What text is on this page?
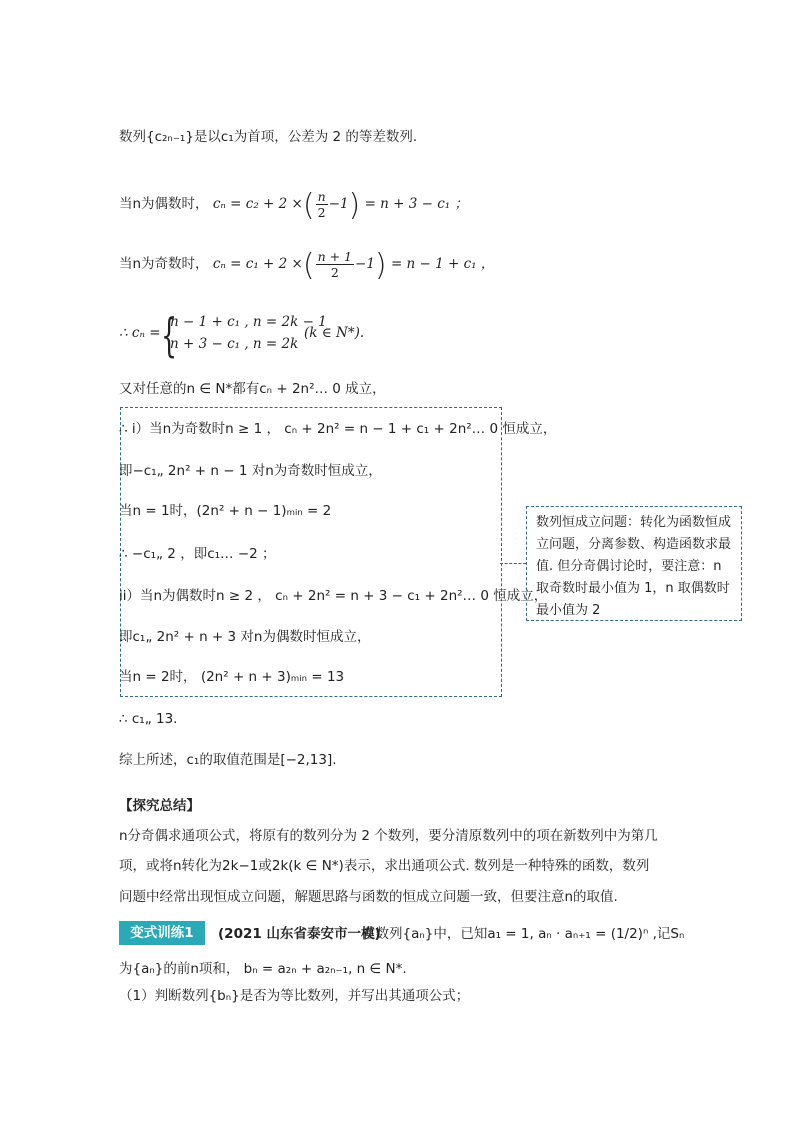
数列{c₂ₙ₋₁}是以c₁为首项，公差为 2 的等差数列.
当n为偶数时， cₙ = c₂ + 2 ×( $\frac{n}{2} -1) = n + 3 - c_1$ ；
当n为奇数时， cₙ = c₁ + 2 ×( $\frac{n + 1}{2} -1) = n - 1 + c_1$ ，
∴ cₙ = {
n − 1 + c₁ , n = 2k − 1
n + 3 − c₁ , n = 2k
(k ∈ N*).
又对任意的n ∈ N*都有cₙ + 2n²… 0 成立，
∴ i）当n为奇数时n ≥ 1 ， cₙ + 2n² = n − 1 + c₁ + 2n²… 0 恒成立，
即−c₁„ 2n² + n − 1 对n为奇数时恒成立，
当n = 1时，(2n² + n − 1)ₘᵢₙ = 2
∴ −c₁„ 2 ，即c₁… −2 ；
ii）当n为偶数时n ≥ 2 ， cₙ + 2n² = n + 3 − c₁ + 2n²… 0 恒成立，
即c₁„ 2n² + n + 3 对n为偶数时恒成立，
当n = 2时， (2n² + n + 3)ₘᵢₙ = 13
数列恒成立问题：转化为函数恒成立问题，分离参数、构造函数求最值. 但分奇偶讨论时，要注意：n 取奇数时最小值为 1，n 取偶数时最小值为 2
∴ c₁„ 13.
综上所述，c₁的取值范围是[−2,13].
【探究总结】
n分奇偶求通项公式，将原有的数列分为 2 个数列，要分清原数列中的项在新数列中为第几
项，或将n转化为2k−1或2k(k ∈ N*)表示，求出通项公式. 数列是一种特殊的函数，数列
问题中经常出现恒成立问题，解题思路与函数的恒成立问题一致，但要注意n的取值.
变式训练1	(2021 山东省泰安市一模)
在数列{aₙ}中，已知a₁ = 1, aₙ · aₙ₊₁ = (1/2)ⁿ ,记Sₙ
为{aₙ}的前n项和， bₙ = a₂ₙ + a₂ₙ₋₁, n ∈ N*.
（1）判断数列{bₙ}是否为等比数列，并写出其通项公式；
